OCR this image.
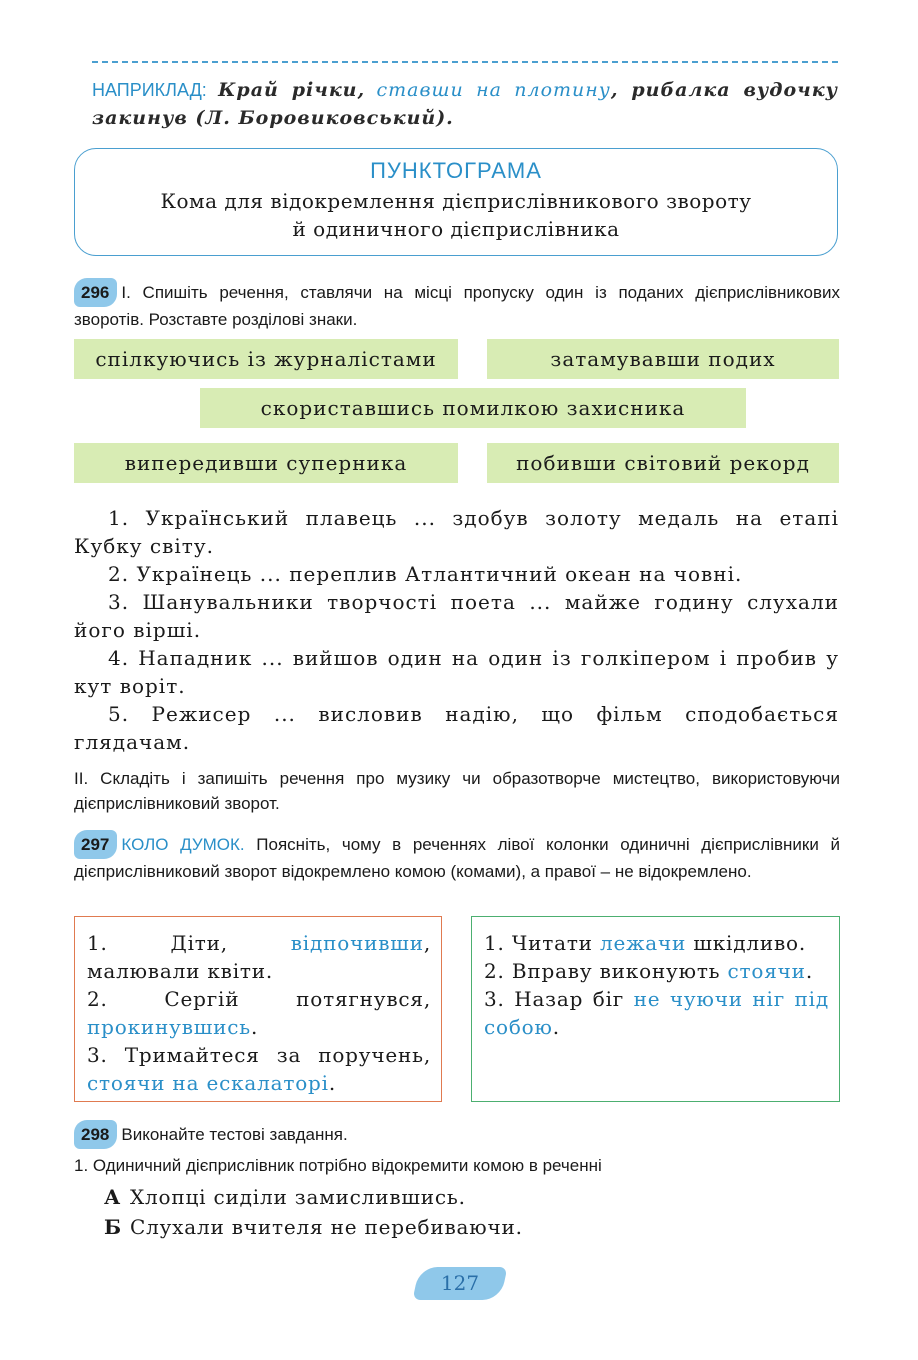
НАПРИКЛАД: Край річки, ставши на плотину, рибалка вудочку закинув (Л. Боровиковський).
ПУНКТОГРАМА
Кома для відокремлення дієприслівникового звороту
й одиничного дієприслівника
296 І. Спишіть речення, ставлячи на місці пропуску один із поданих дієприслівникових зворотів. Розставте розділові знаки.
спілкуючись із журналістами	затамувавши подих
скориставшись помилкою захисника
випередивши суперника	побивши світовий рекорд

1. Український плавець ... здобув золоту медаль на етапі Кубку світу.

2. Українець ... переплив Атлантичний океан на човні.

3. Шанувальники творчості поета ... майже годину слухали його вірші.

4. Нападник ... вийшов один на один із голкіпером і пробив у кут воріт.

5. Режисер ... висловив надію, що фільм сподобається глядачам.

ІІ. Складіть і запишіть речення про музику чи образотворче мистецтво, використовуючи дієприслівниковий зворот.
297 КОЛО ДУМОК. Поясніть, чому в реченнях лівої колонки одиничні дієприслівники й дієприслівниковий зворот відокремлено комою (комами), а правої – не відокремлено.

1. Діти, відпочивши, малювали квіти.

2. Сергій потягнувся, прокинувшись.

3. Тримайтеся за поручень, стоячи на ескалаторі.

1. Читати лежачи шкідливо.

2. Вправу виконують стоячи.

3. Назар біг не чуючи ніг під собою.

298 Виконайте тестові завдання.
1. Одиничний дієприслівник потрібно відокремити комою в реченні
А Хлопці сиділи замислившись.
Б Слухали вчителя не перебиваючи.
127
